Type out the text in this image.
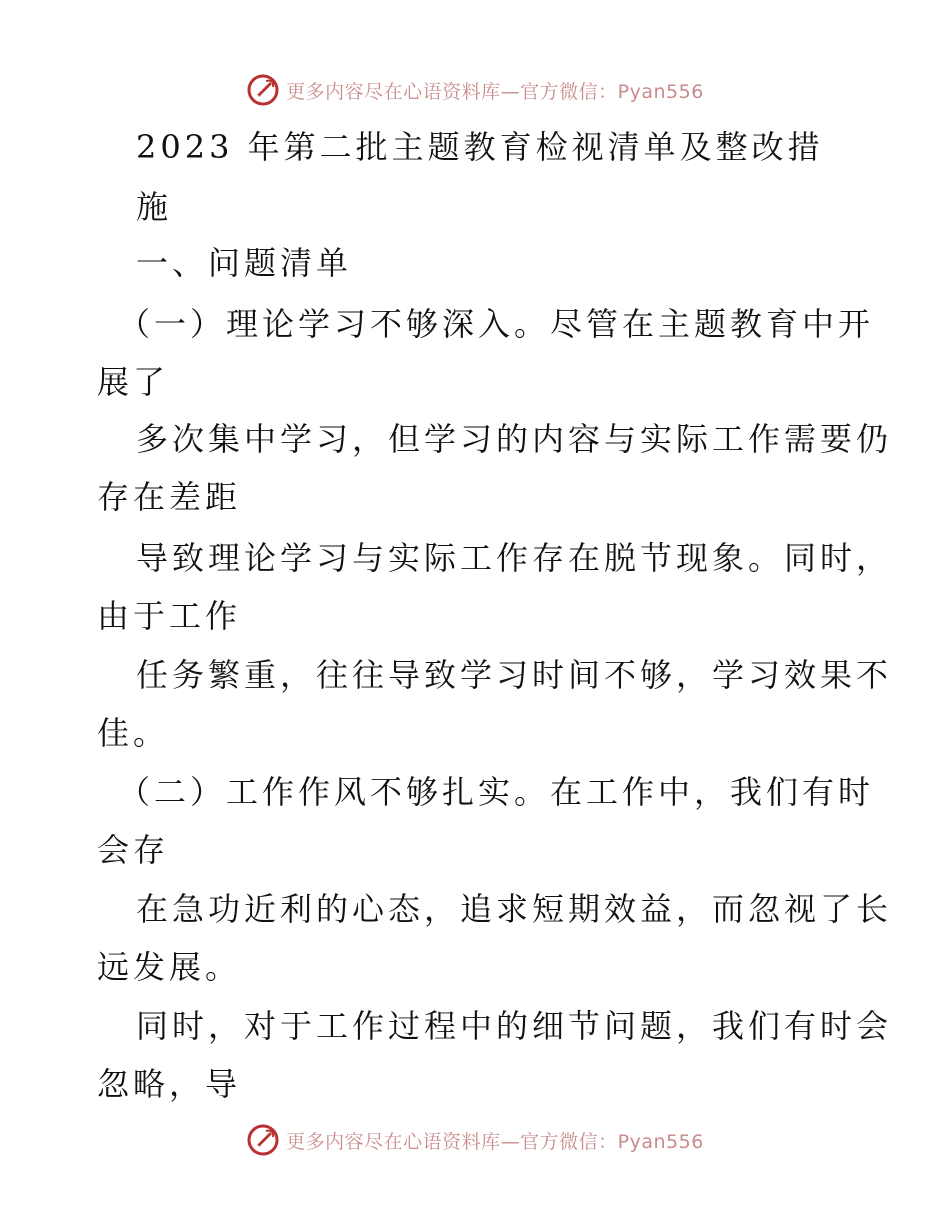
更多内容尽在心语资料库—官方微信：Pyan556
2023 年第二批主题教育检视清单及整改措
施
一、问题清单
（一）理论学习不够深入。尽管在主题教育中开
展了
多次集中学习，但学习的内容与实际工作需要仍
存在差距
导致理论学习与实际工作存在脱节现象。同时，
由于工作
任务繁重，往往导致学习时间不够，学习效果不
佳。
（二）工作作风不够扎实。在工作中，我们有时
会存
在急功近利的心态，追求短期效益，而忽视了长
远发展。
同时，对于工作过程中的细节问题，我们有时会
忽略，导
更多内容尽在心语资料库—官方微信：Pyan556
